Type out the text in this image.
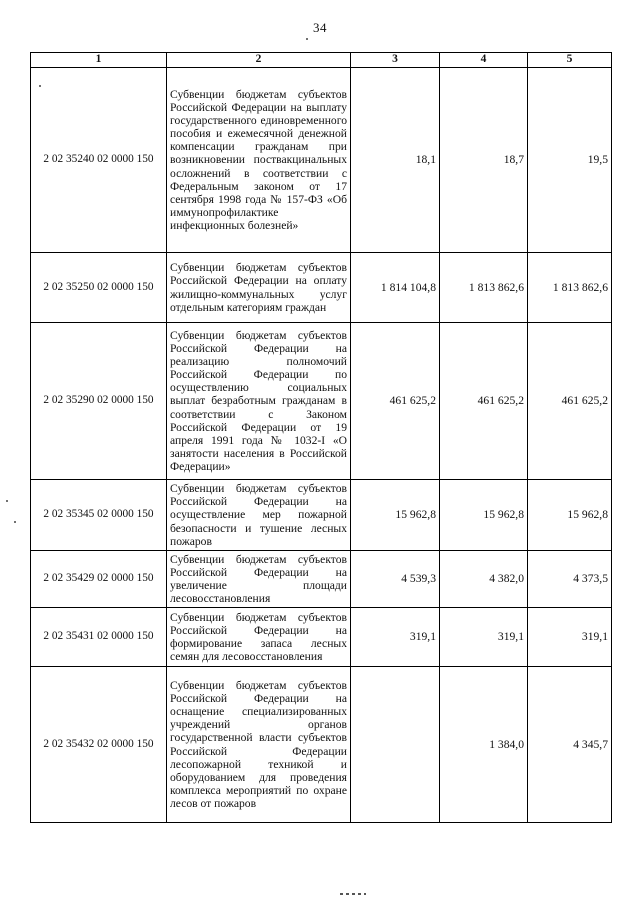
34
1	2	3	4	5
2 02 35240 02 0000 150	Субвенции бюджетам субъектов Российской Федерации на выплату государственного единовременного пособия и ежемесячной денежной компенсации гражданам при возникновении поствакцинальных осложнений в соответствии с Федеральным законом от 17 сентября 1998 года № 157-ФЗ «Об иммунопрофилактике инфекционных болезней»	18,1	18,7	19,5
2 02 35250 02 0000 150	Субвенции бюджетам субъектов Российской Федерации на оплату жилищно-коммунальных услуг отдельным категориям граждан	1 814 104,8	1 813 862,6	1 813 862,6
2 02 35290 02 0000 150	Субвенции бюджетам субъектов Российской Федерации на реализацию полномочий Российской Федерации по осуществлению социальных выплат безработным гражданам в соответствии с Законом Российской Федерации от 19 апреля 1991 года № 1032-I «О занятости населения в Российской Федерации»	461 625,2	461 625,2	461 625,2
2 02 35345 02 0000 150	Субвенции бюджетам субъектов Российской Федерации на осуществление мер пожарной безопасности и тушение лесных пожаров	15 962,8	15 962,8	15 962,8
2 02 35429 02 0000 150	Субвенции бюджетам субъектов Российской Федерации на увеличение площади лесовосстановления	4 539,3	4 382,0	4 373,5
2 02 35431 02 0000 150	Субвенции бюджетам субъектов Российской Федерации на формирование запаса лесных семян для лесовосстановления	319,1	319,1	319,1
2 02 35432 02 0000 150	Субвенции бюджетам субъектов Российской Федерации на оснащение специализированных учреждений органов государственной власти субъектов Российской Федерации лесопожарной техникой и оборудованием для проведения комплекса мероприятий по охране лесов от пожаров		1 384,0	4 345,7
